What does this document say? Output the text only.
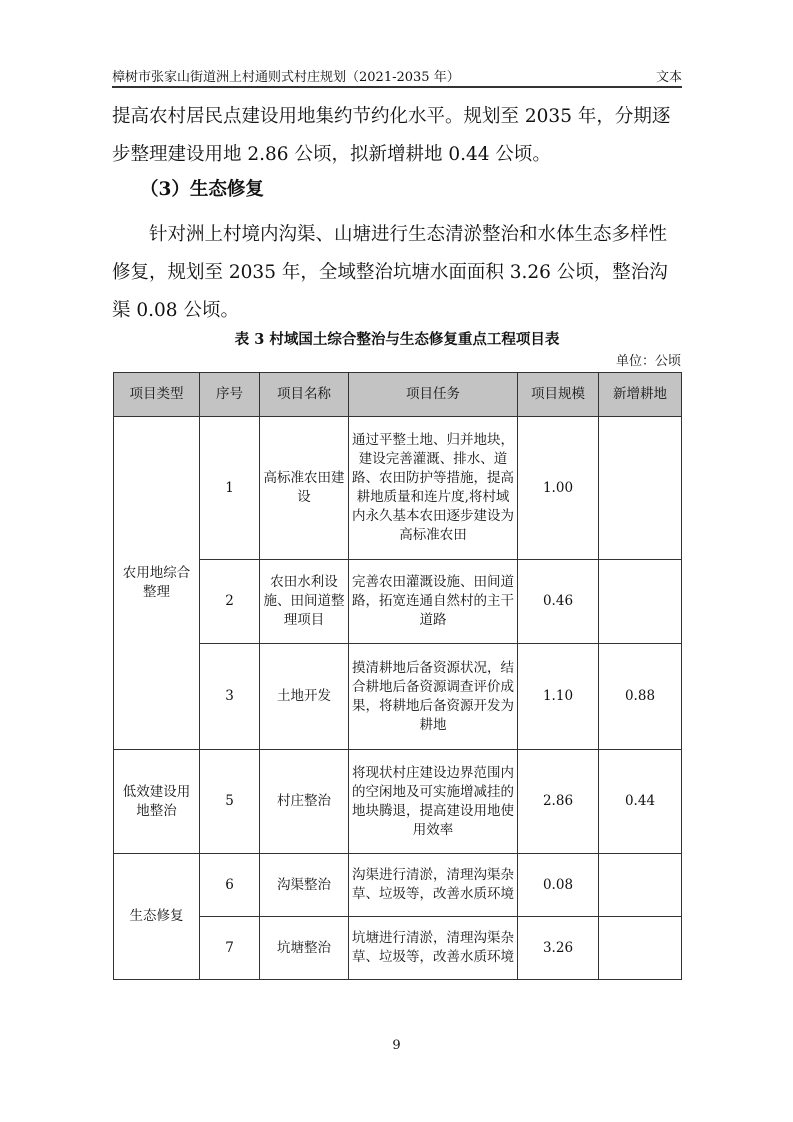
樟树市张家山街道洲上村通则式村庄规划（2021-2035 年）	文本

提高农村居民点建设用地集约节约化水平。规划至 2035 年，分期逐步整理建设用地 2.86 公顷，拟新增耕地 0.44 公顷。

（3）生态修复

针对洲上村境内沟渠、山塘进行生态清淤整治和水体生态多样性修复，规划至 2035 年，全域整治坑塘水面面积 3.26 公顷，整治沟渠 0.08 公顷。

表 3 村域国土综合整治与生态修复重点工程项目表
单位：公顷
项目类型	序号	项目名称	项目任务	项目规模	新增耕地
农用地综合整理	1	高标准农田建设	通过平整土地、归并地块，建设完善灌溉、排水、道路、农田防护等措施，提高耕地质量和连片度,将村域内永久基本农田逐步建设为高标准农田	1.00	
	2	农田水利设施、田间道整理项目	完善农田灌溉设施、田间道路，拓宽连通自然村的主干道路	0.46	
	3	土地开发	摸清耕地后备资源状况，结合耕地后备资源调查评价成果，将耕地后备资源开发为耕地	1.10	0.88
低效建设用地整治	5	村庄整治	将现状村庄建设边界范围内的空闲地及可实施增减挂的地块腾退，提高建设用地使用效率	2.86	0.44
生态修复	6	沟渠整治	沟渠进行清淤，清理沟渠杂草、垃圾等，改善水质环境	0.08	
	7	坑塘整治	坑塘进行清淤，清理沟渠杂草、垃圾等，改善水质环境	3.26	
9
